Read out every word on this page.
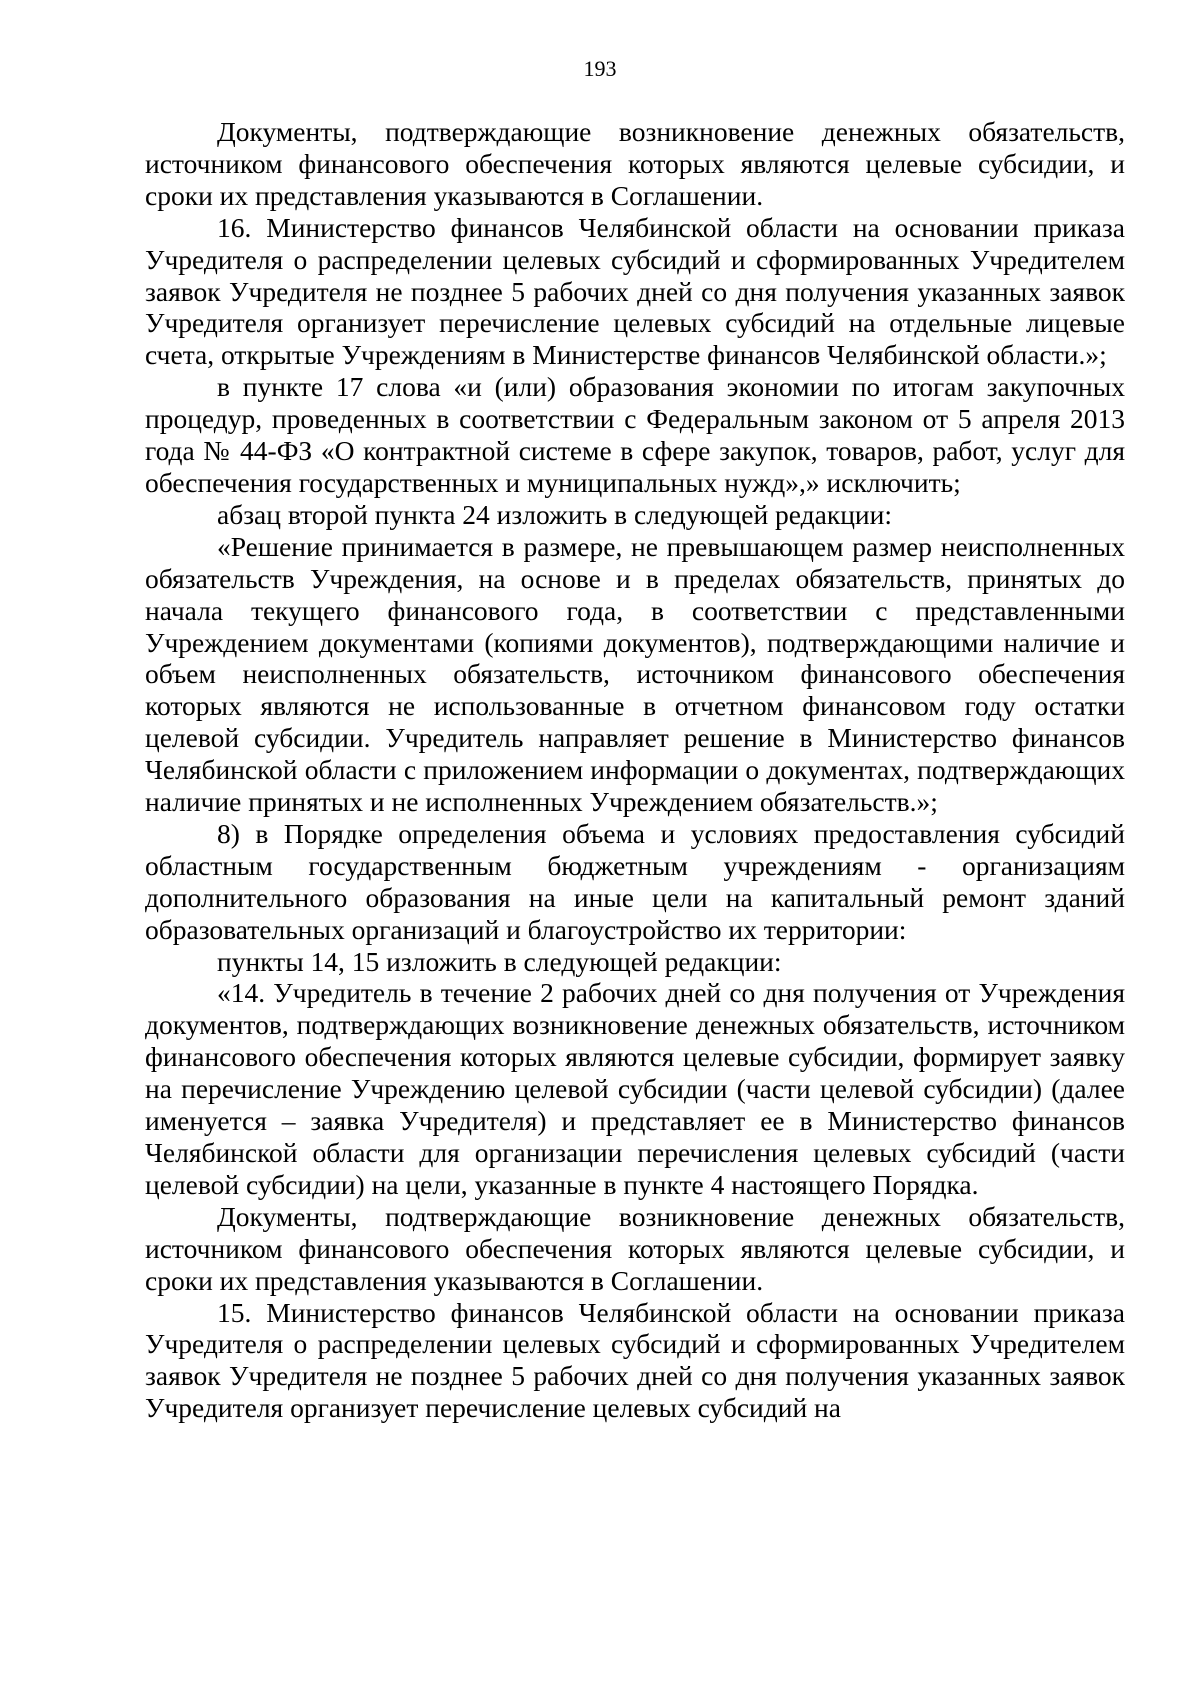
193

Документы, подтверждающие возникновение денежных обязательств, источником финансового обеспечения которых являются целевые субсидии, и сроки их представления указываются в Соглашении.

16. Министерство финансов Челябинской области на основании приказа Учредителя о распределении целевых субсидий и сформированных Учредителем заявок Учредителя не позднее 5 рабочих дней со дня получения указанных заявок Учредителя организует перечисление целевых субсидий на отдельные лицевые счета, открытые Учреждениям в Министерстве финансов Челябинской области.»;

в пункте 17 слова «и (или) образования экономии по итогам закупочных процедур, проведенных в соответствии с Федеральным законом от 5 апреля 2013 года № 44-ФЗ «О контрактной системе в сфере закупок, товаров, работ, услуг для обеспечения государственных и муниципальных нужд»,» исключить;

абзац второй пункта 24 изложить в следующей редакции:

«Решение принимается в размере, не превышающем размер неисполненных обязательств Учреждения, на основе и в пределах обязательств, принятых до начала текущего финансового года, в соответствии с представленными Учреждением документами (копиями документов), подтверждающими наличие и объем неисполненных обязательств, источником финансового обеспечения которых являются не использованные в отчетном финансовом году остатки целевой субсидии. Учредитель направляет решение в Министерство финансов Челябинской области с приложением информации о документах, подтверждающих наличие принятых и не исполненных Учреждением обязательств.»;

8) в Порядке определения объема и условиях предоставления субсидий областным государственным бюджетным учреждениям - организациям дополнительного образования на иные цели на капитальный ремонт зданий образовательных организаций и благоустройство их территории:

пункты 14, 15 изложить в следующей редакции:

«14. Учредитель в течение 2 рабочих дней со дня получения от Учреждения документов, подтверждающих возникновение денежных обязательств, источником финансового обеспечения которых являются целевые субсидии, формирует заявку на перечисление Учреждению целевой субсидии (части целевой субсидии) (далее именуется – заявка Учредителя) и представляет ее в Министерство финансов Челябинской области для организации перечисления целевых субсидий (части целевой субсидии) на цели, указанные в пункте 4 настоящего Порядка.

Документы, подтверждающие возникновение денежных обязательств, источником финансового обеспечения которых являются целевые субсидии, и сроки их представления указываются в Соглашении.

15. Министерство финансов Челябинской области на основании приказа Учредителя о распределении целевых субсидий и сформированных Учредителем заявок Учредителя не позднее 5 рабочих дней со дня получения указанных заявок Учредителя организует перечисление целевых субсидий на
